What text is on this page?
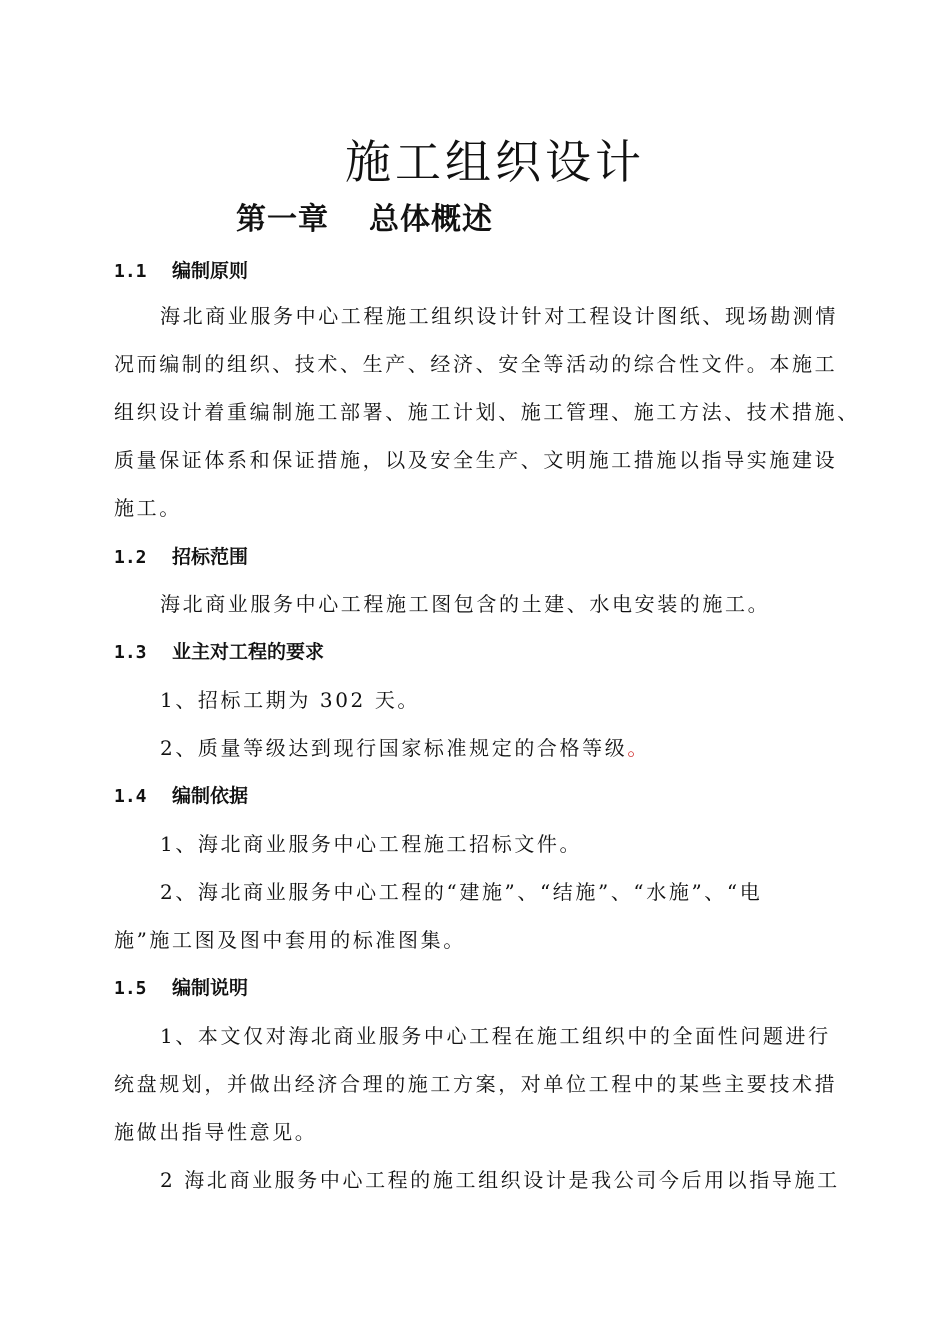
施工组织设计
第一章 总体概述
1.1 编制原则

海北商业服务中心工程施工组织设计针对工程设计图纸、现场勘测情

况而编制的组织、技术、生产、经济、安全等活动的综合性文件。本施工

组织设计着重编制施工部署、施工计划、施工管理、施工方法、技术措施、

质量保证体系和保证措施，以及安全生产、文明施工措施以指导实施建设

施工。

1.2 招标范围

海北商业服务中心工程施工图包含的土建、水电安装的施工。

1.3 业主对工程的要求

1、招标工期为 302 天。

2、质量等级达到现行国家标准规定的合格等级。

1.4 编制依据

1、海北商业服务中心工程施工招标文件。

2、海北商业服务中心工程的“建施”、“结施”、“水施”、“电

施”施工图及图中套用的标准图集。

1.5 编制说明

1、本文仅对海北商业服务中心工程在施工组织中的全面性问题进行

统盘规划，并做出经济合理的施工方案，对单位工程中的某些主要技术措

施做出指导性意见。

2 海北商业服务中心工程的施工组织设计是我公司今后用以指导施工
